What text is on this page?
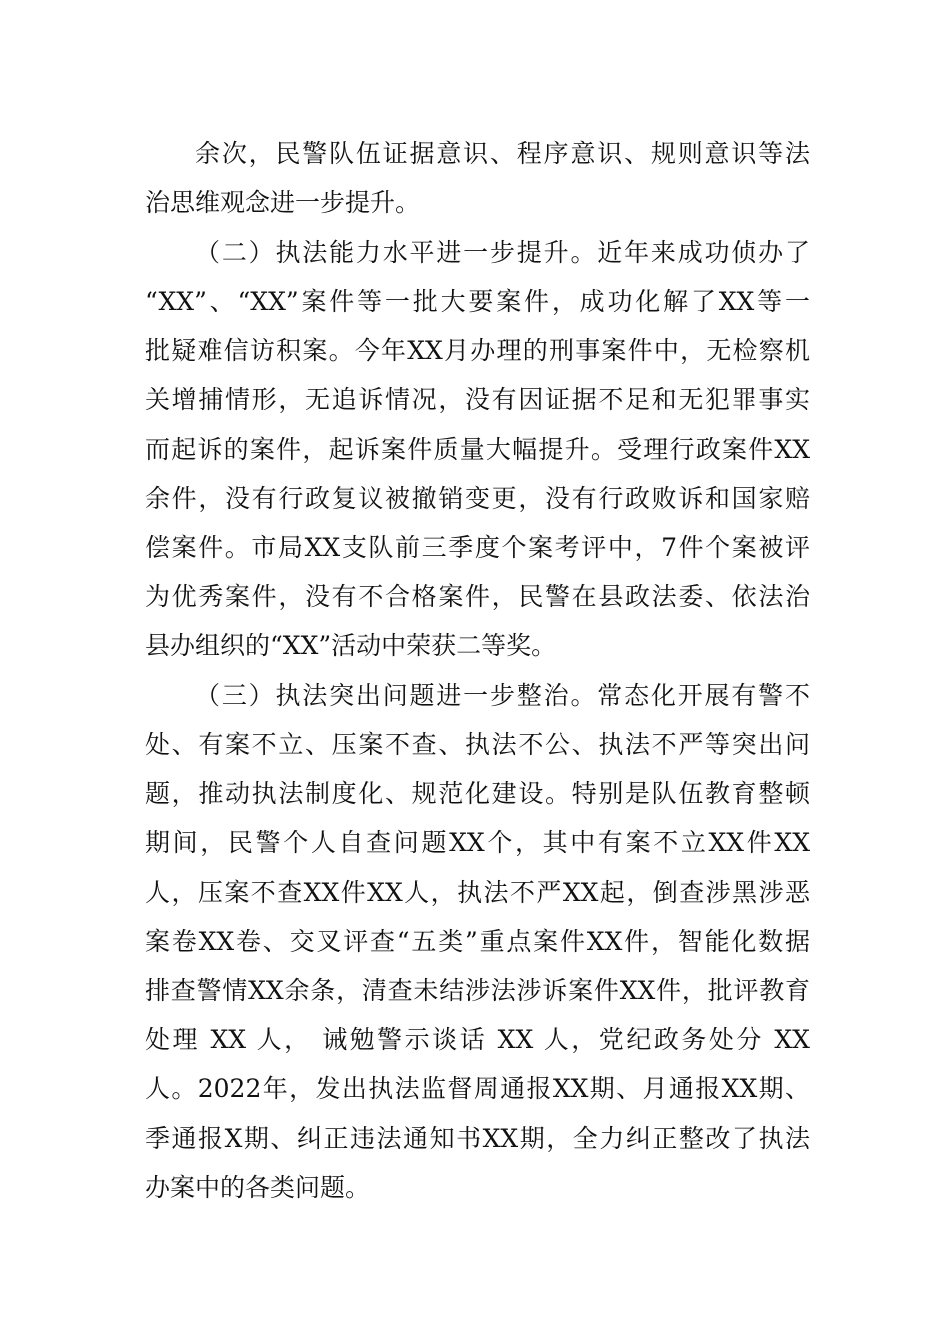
余次，民警队伍证据意识、程序意识、规则意识等法
治思维观念进一步提升。
（二）执法能力水平进一步提升。近年来成功侦办了
“XX”、“XX”案件等一批大要案件，成功化解了XX等一
批疑难信访积案。今年XX月办理的刑事案件中，无检察机
关增捕情形，无追诉情况，没有因证据不足和无犯罪事实
而起诉的案件，起诉案件质量大幅提升。受理行政案件XX
余件，没有行政复议被撤销变更，没有行政败诉和国家赔
偿案件。市局XX支队前三季度个案考评中，7件个案被评
为优秀案件，没有不合格案件，民警在县政法委、依法治
县办组织的“XX”活动中荣获二等奖。
（三）执法突出问题进一步整治。常态化开展有警不
处、有案不立、压案不查、执法不公、执法不严等突出问
题，推动执法制度化、规范化建设。特别是队伍教育整顿
期间，民警个人自查问题XX个，其中有案不立XX件XX
人，压案不查XX件XX人，执法不严XX起，倒查涉黑涉恶
案卷XX卷、交叉评查“五类”重点案件XX件，智能化数据
排查警情XX余条，清查未结涉法涉诉案件XX件，批评教育
处理 XX 人， 诫勉警示谈话 XX 人，党纪政务处分 XX
人。2022年，发出执法监督周通报XX期、月通报XX期、
季通报X期、纠正违法通知书XX期，全力纠正整改了执法
办案中的各类问题。
